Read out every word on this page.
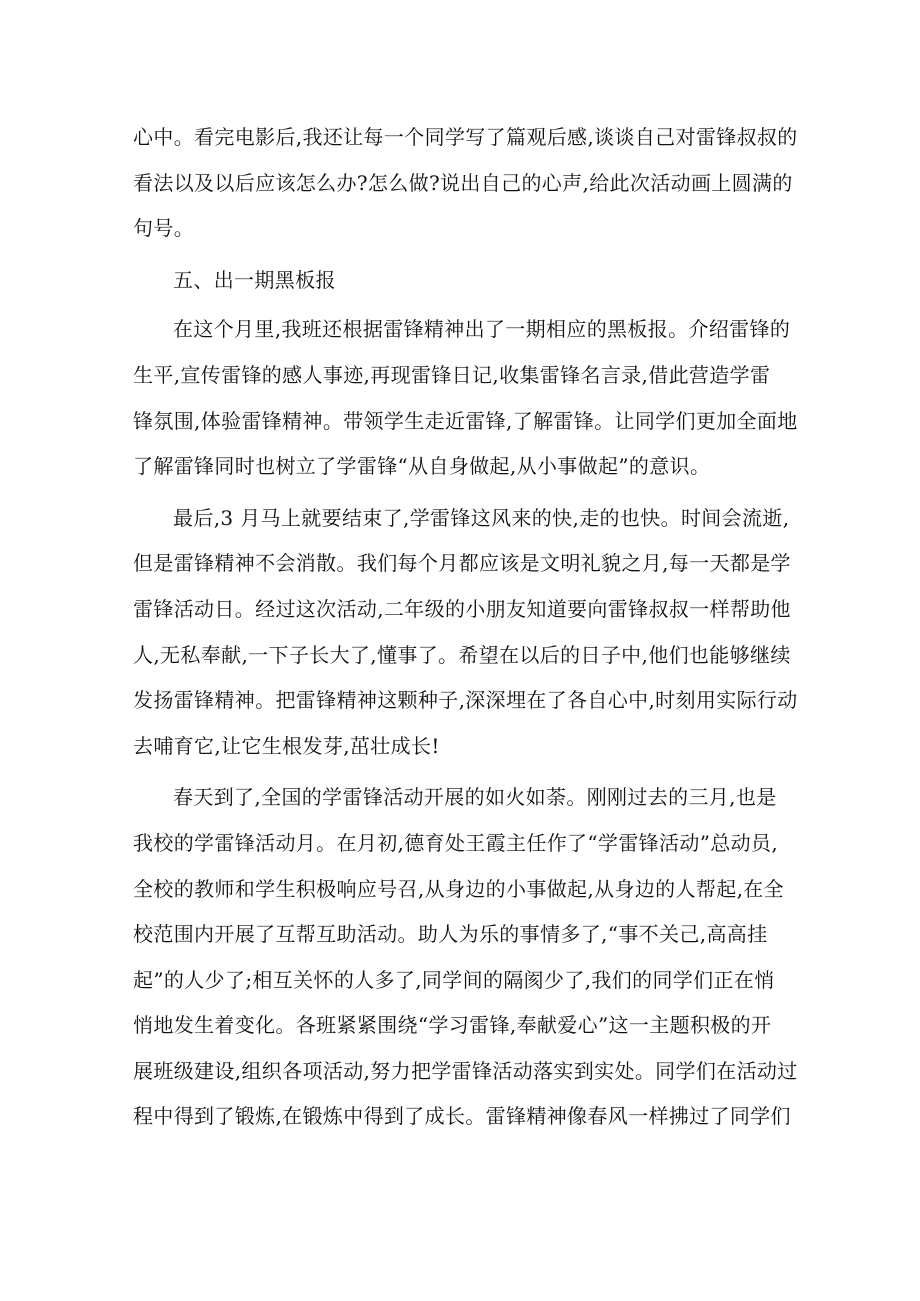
心中。看完电影后,我还让每一个同学写了篇观后感,谈谈自己对雷锋叔叔的
看法以及以后应该怎么办?怎么做?说出自己的心声,给此次活动画上圆满的
句号。

五、出一期黑板报

在这个月里,我班还根据雷锋精神出了一期相应的黑板报。介绍雷锋的
生平,宣传雷锋的感人事迹,再现雷锋日记,收集雷锋名言录,借此营造学雷
锋氛围,体验雷锋精神。带领学生走近雷锋,了解雷锋。让同学们更加全面地
了解雷锋同时也树立了学雷锋“从自身做起,从小事做起”的意识。

最后,3 月马上就要结束了,学雷锋这风来的快,走的也快。时间会流逝,
但是雷锋精神不会消散。我们每个月都应该是文明礼貌之月,每一天都是学
雷锋活动日。经过这次活动,二年级的小朋友知道要向雷锋叔叔一样帮助他
人,无私奉献,一下子长大了,懂事了。希望在以后的日子中,他们也能够继续
发扬雷锋精神。把雷锋精神这颗种子,深深埋在了各自心中,时刻用实际行动
去哺育它,让它生根发芽,茁壮成长!

春天到了,全国的学雷锋活动开展的如火如荼。刚刚过去的三月,也是
我校的学雷锋活动月。在月初,德育处王霞主任作了“学雷锋活动”总动员,
全校的教师和学生积极响应号召,从身边的小事做起,从身边的人帮起,在全
校范围内开展了互帮互助活动。助人为乐的事情多了,“事不关己,高高挂
起”的人少了;相互关怀的人多了,同学间的隔阂少了,我们的同学们正在悄
悄地发生着变化。各班紧紧围绕“学习雷锋,奉献爱心”这一主题积极的开
展班级建设,组织各项活动,努力把学雷锋活动落实到实处。同学们在活动过
程中得到了锻炼,在锻炼中得到了成长。雷锋精神像春风一样拂过了同学们
